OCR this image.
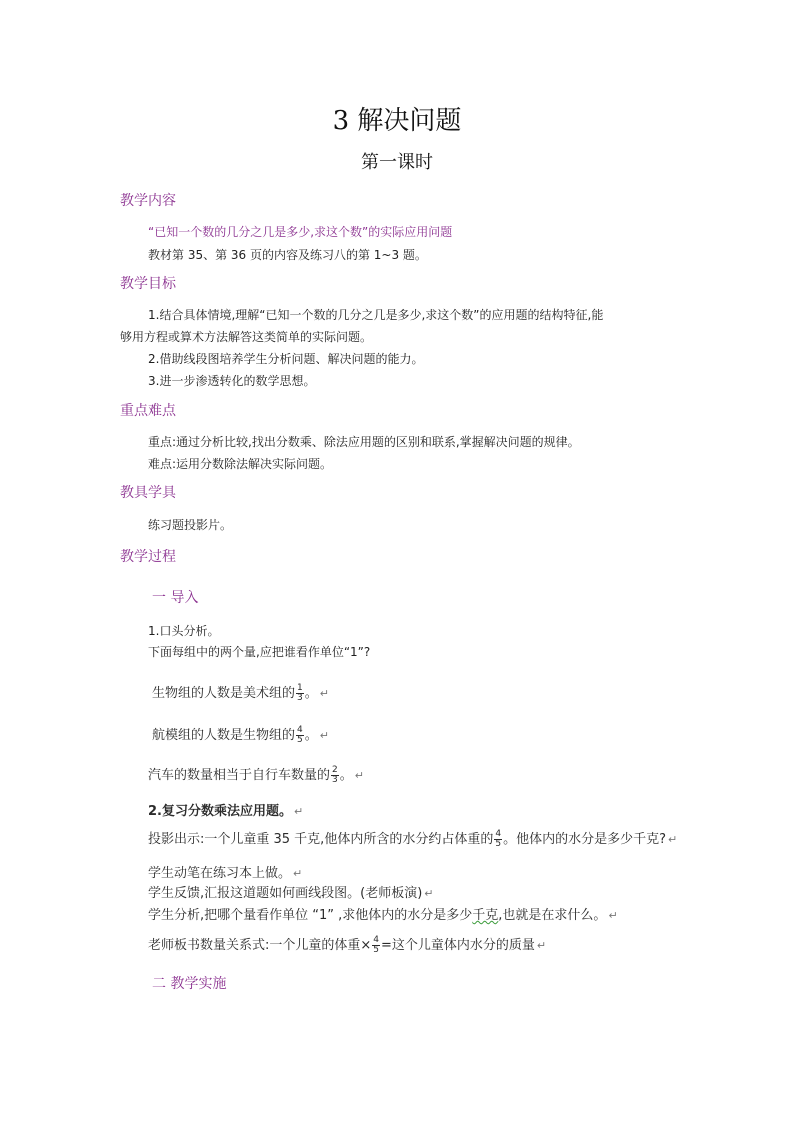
3 解决问题
第一课时
教学内容
“已知一个数的几分之几是多少,求这个数”的实际应用问题
教材第 35、第 36 页的内容及练习八的第 1~3 题。
教学目标
1.结合具体情境,理解“已知一个数的几分之几是多少,求这个数”的应用题的结构特征,能
够用方程或算术方法解答这类简单的实际问题。
2.借助线段图培养学生分析问题、解决问题的能力。
3.进一步渗透转化的数学思想。
重点难点
重点:通过分析比较,找出分数乘、除法应用题的区别和联系,掌握解决问题的规律。
难点:运用分数除法解决实际问题。
教具学具
练习题投影片。
教学过程
一 导入
1.口头分析。
下面每组中的两个量,应把谁看作单位“1”?
生物组的人数是美术组的 $\frac{1}{3}$ 。 ↵
航模组的人数是生物组的 $\frac{4}{5}$ 。 ↵
汽车的数量相当于自行车数量的 $\frac{2}{3}$ 。 ↵
2.复习分数乘法应用题。 ↵
投影出示:一个儿童重 35 千克,他体内所含的水分约占体重的 $\frac{4}{5}$ 。他体内的水分是多少千克? ↵
学生动笔在练习本上做。 ↵
学生反馈,汇报这道题如何画线段图。(老师板演) ↵
学生分析,把哪个量看作单位 “1” ,求他体内的水分是多少千克,也就是在求什么。 ↵
老师板书数量关系式:一个儿童的体重× $\frac{4}{5}$ =这个儿童体内水分的质量 ↵
二 教学实施
